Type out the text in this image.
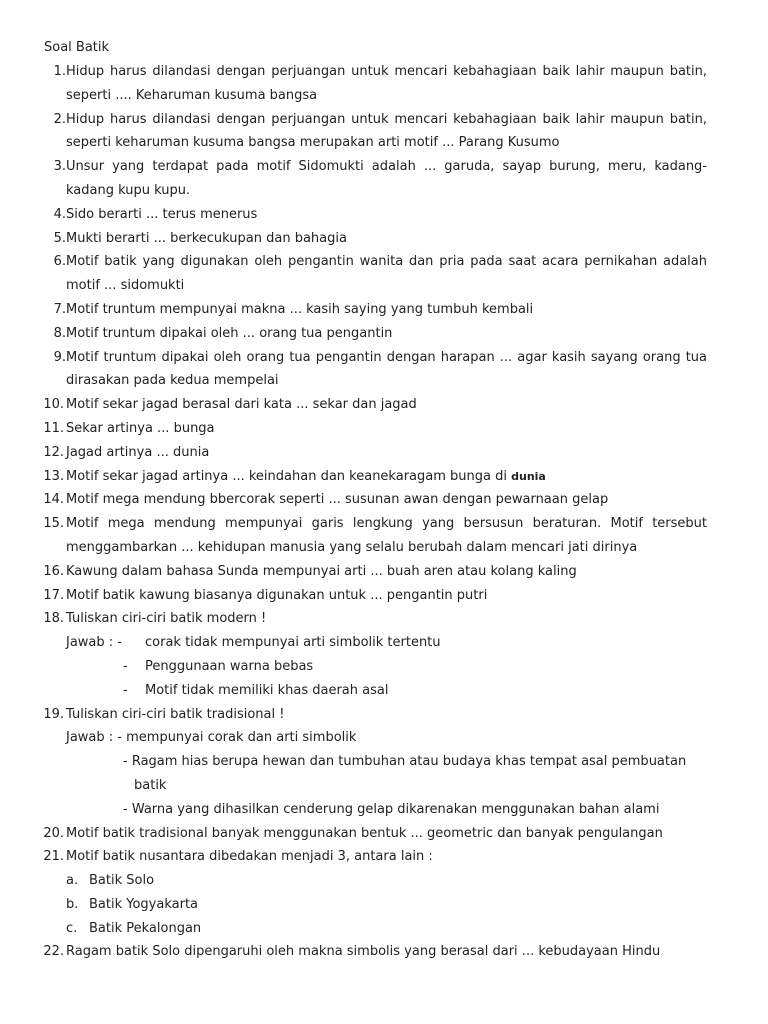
Soal Batik
1. Hidup harus dilandasi dengan perjuangan untuk mencari kebahagiaan baik lahir maupun batin,
seperti .... Keharuman kusuma bangsa
2. Hidup harus dilandasi dengan perjuangan untuk mencari kebahagiaan baik lahir maupun batin,
seperti keharuman kusuma bangsa merupakan arti motif ... Parang Kusumo
3. Unsur yang terdapat pada motif Sidomukti adalah ... garuda, sayap burung, meru, kadang-
kadang kupu kupu.
4. Sido berarti ... terus menerus
5. Mukti berarti ... berkecukupan dan bahagia
6. Motif batik yang digunakan oleh pengantin wanita dan pria pada saat acara pernikahan adalah
motif ... sidomukti
7. Motif truntum mempunyai makna ... kasih saying yang tumbuh kembali
8. Motif truntum dipakai oleh ... orang tua pengantin
9. Motif truntum dipakai oleh orang tua pengantin dengan harapan ... agar kasih sayang orang tua
dirasakan pada kedua mempelai
10. Motif sekar jagad berasal dari kata ... sekar dan jagad
11. Sekar artinya ... bunga
12. Jagad artinya ... dunia
13. Motif sekar jagad artinya ... keindahan dan keanekaragam bunga di dunia
14. Motif mega mendung bbercorak seperti ... susunan awan dengan pewarnaan gelap
15. Motif mega mendung mempunyai garis lengkung yang bersusun beraturan. Motif tersebut
menggambarkan ... kehidupan manusia yang selalu berubah dalam mencari jati dirinya
16. Kawung dalam bahasa Sunda mempunyai arti ... buah aren atau kolang kaling
17. Motif batik kawung biasanya digunakan untuk ... pengantin putri
18. Tuliskan ciri-ciri batik modern !
Jawab : - corak tidak mempunyai arti simbolik tertentu
- Penggunaan warna bebas
- Motif tidak memiliki khas daerah asal
19. Tuliskan ciri-ciri batik tradisional !
Jawab : - mempunyai corak dan arti simbolik
- Ragam hias berupa hewan dan tumbuhan atau budaya khas tempat asal pembuatan
batik
- Warna yang dihasilkan cenderung gelap dikarenakan menggunakan bahan alami
20. Motif batik tradisional banyak menggunakan bentuk ... geometric dan banyak pengulangan
21. Motif batik nusantara dibedakan menjadi 3, antara lain :
a. Batik Solo
b. Batik Yogyakarta
c. Batik Pekalongan
22. Ragam batik Solo dipengaruhi oleh makna simbolis yang berasal dari ... kebudayaan Hindu
